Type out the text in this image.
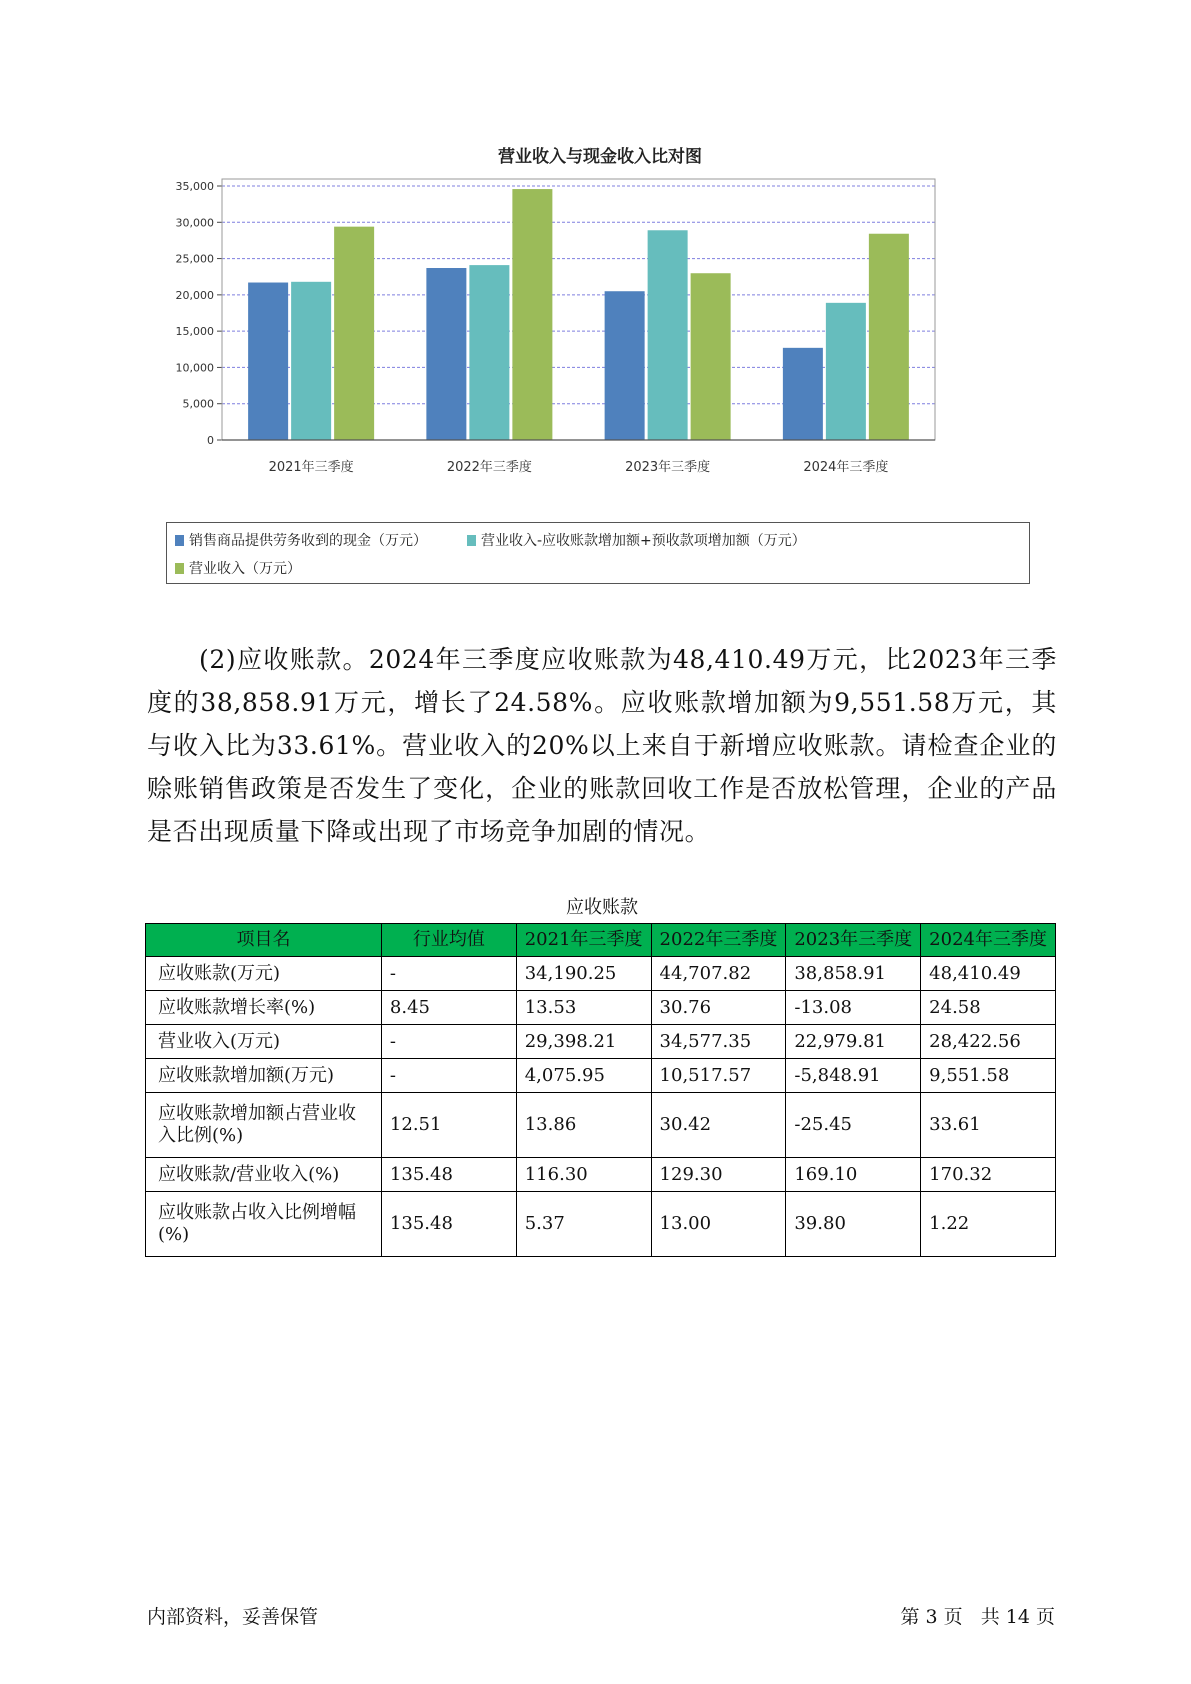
营业收入与现金收入比对图
0
5,000
10,000
15,000
20,000
25,000
30,000
35,000
2021年三季度	2022年三季度	2023年三季度	2024年三季度
销售商品提供劳务收到的现金（万元）	营业收入-应收账款增加额+预收款项增加额（万元）
营业收入（万元）

(2)应收账款。2024年三季度应收账款为48,410.49万元，比2023年三季度的38,858.91万元，增长了24.58%。应收账款增加额为9,551.58万元，其与收入比为33.61%。营业收入的20%以上来自于新增应收账款。请检查企业的赊账销售政策是否发生了变化，企业的账款回收工作是否放松管理，企业的产品是否出现质量下降或出现了市场竞争加剧的情况。

应收账款
项目名	行业均值	2021年三季度	2022年三季度	2023年三季度	2024年三季度
应收账款(万元)	-	34,190.25	44,707.82	38,858.91	48,410.49
应收账款增长率(%)	8.45	13.53	30.76	-13.08	24.58
营业收入(万元)	-	29,398.21	34,577.35	22,979.81	28,422.56
应收账款增加额(万元)	-	4,075.95	10,517.57	-5,848.91	9,551.58
应收账款增加额占营业收入比例(%)	12.51	13.86	30.42	-25.45	33.61
应收账款/营业收入(%)	135.48	116.30	129.30	169.10	170.32
应收账款占收入比例增幅(%)	135.48	5.37	13.00	39.80	1.22
内部资料，妥善保管	第 3 页   共 14 页
